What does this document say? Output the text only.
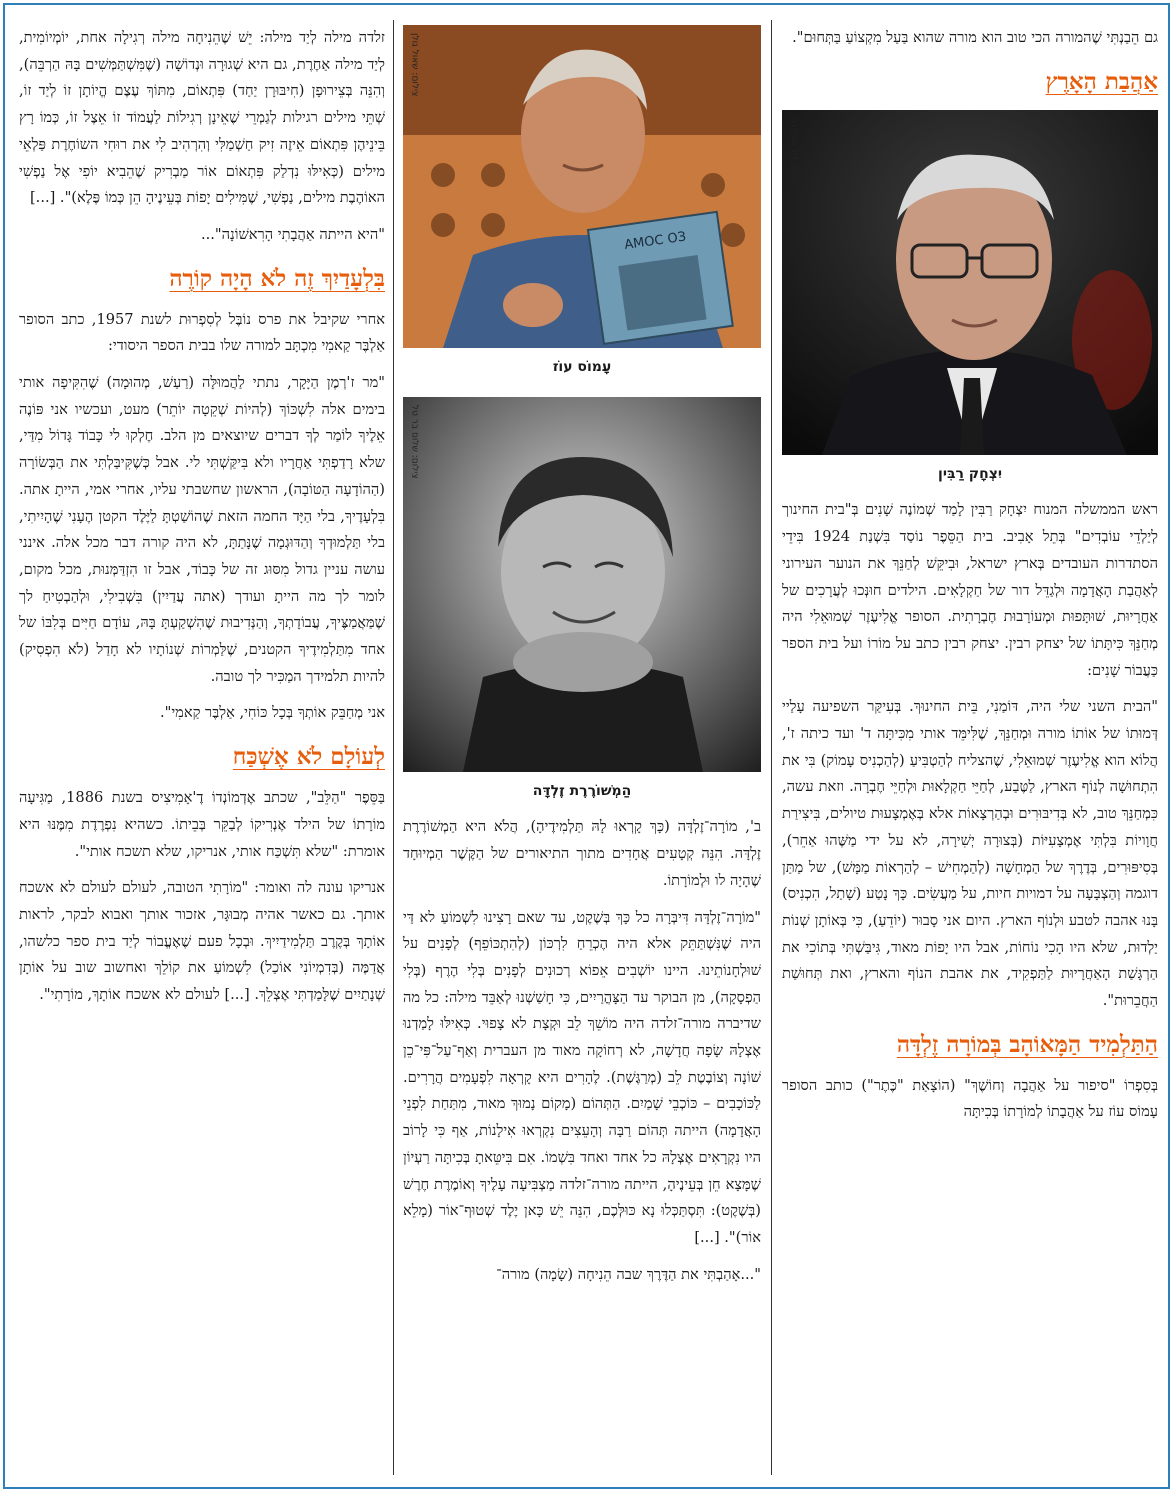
גם הֵבַנְתִּי שֶׁהמורה הכי טוב הוא מורה שהוא בַּעַל מִקְצוֹעַ בַּתְּחוּם".

אַהֲבַת הָאָרֶץ
צילום: דוד רובינגר
יִצְחָק רַבִּין

ראש הממשלה המנוח יִצְחָק רַבִּין לָמַד שְׁמוֹנֶה שָׁנִים בְּ"בית החינוך לְיַלְדֵי עוֹבְדִים" בְּתֵל אָבִיב. בית הַסֵּפֶר נוֹסַד בִּשְׁנַת 1924 בִּידֵי הסתדרות העובדים בְּארץ ישראל, וּבִיקֵּשׁ לְחַנֵּךְ את הנוער העירוני לְאַהֲבַת הָאֲדָמָה וּלְגַדֵּל דור של חַקְלָאִים. הילדים חוּנְּכוּ לְעֲרָכִים של אַחֲרָיוּת, שׁוּתָּפוּת וּמְעוֹרָבוּת חֶבְרָתִית. הסופר אֱלִיעֶזֶר שְׁמוּאֵלִי היה מְחַנֵּךְ כִּיתָּתוֹ של יצחק רבין. יצחק רבין כתב על מוֹרוֹ ועל בית הספר כַּעֲבוֹר שָׁנִים:

"הבית השני שלי היה, דּוֹמַנִי, בֵּית החינוּךְ. בְּעִיקַּר השפיעה עָלַיי דְּמוּתוֹ של אוֹתוֹ מורה וּמְחַנֵּךְ, שֶׁלִּימֵּד אותי מִכִּיתָּה ד' ועד כיתה ז', הֲלוֹא הוא אֱלִיעֶזֶר שְׁמוּאֵלִי, שֶׁהצליח לְהַטְבִּיעַ (לְהַכְנִיס עָמוֹק) בִּי את הִתְחוּשָׁה לְנוֹף הארץ, לַטֶּבַע, לְחַיֵּי חַקְלָאוּת וּלְחַיֵּי חֶבְרָה. וזאת עשה, כִּמְחַנֵּךְ טוב, לא בְּדִיבּוּרִים וּבְהַרְצָאוֹת אלא בְּאֶמְצָעוּת טיולים, בִּיצִירַת חֲוָויוֹת בִּלְתִּי אֶמְצָעִיּוֹת (בְּצוּרָה יְשִׁירָה, לא על ידי מַשֶּׁהוּ אַחֵר), בְּסִיפּוּרִים, בְּדֶרֶךְ של הַמְחָשָׁה (לְהַמְחִישׁ – לְהַרְאוֹת מַמָּשׁ), של מַתַּן דוגמה וְהַצְבָּעָה על דמויות חיות, על מַעֲשִׂים. כָּךְ נָטַע (שָׁתַל, הִכְנִיס) בָּנוּ אהבה לטבע וּלְנוֹף הארץ. היום אני סָבוּר (יוֹדֵעַ), כִּי בְּאוֹתָן שְׁנוֹת יַלְדוּת, שלא היו הָכִי נוֹחוֹת, אבל היו יָפוֹת מאוד, גִּיבַּשְׁתִּי בְּתוֹכִי את הַרְגָּשַׁת הָאַחֲרָיוּת לַתַּפְקִיד, את אהבת הנוֹף והארץ, ואת תְּחוּשַׁת הַחֲבֵרוּת".

הַתַּלְמִיד הַמָּאוֹהָב בְּמוֹרָה זֶלְדָּה

בְּסִפְרוֹ "סיפור על אַהֲבָה וְחוֹשֶׁךְ" (הוֹצָאַת "כֶּתֶר") כותב הסופר עָמוֹס עוֹז על אַהֲבָתוֹ לְמוֹרָתוֹ בְּכִיתָּה

АМОС ОЗ
צילום: שאול גולן
עָמוֹס עוֹז
צילום: שלום בר טל
הַמְשׁוֹרֶרֶת זֶלְדָּה

ב', מוֹרָה־זֶלְדָּה (כָּךְ קָרְאוּ לָהּ תַּלְמִידֶיהָ), הֲלֹא היא הַמְשׁוֹרֶרֶת זֶלְדָּה. הִנֵּה קְטָעִים אֲחָדִים מתוך התיאורים של הַקֶּשֶׁר הַמְיוּחָד שֶׁהָיָה לו וּלְמוֹרָתוֹ.

"מוֹרָה־זֶלְדָּה דִּיבְּרָה כל כָּךְ בְּשֶׁקֶט, עד שאם רָצִינוּ לִשְׁמוֹעַ לא דַּי היה שֶׁנִּשְׁתַּתֵּק אלא היה הֶכְרֵחַ לִרְכּוֹן (לְהִתְכּוֹפֵף) לְפָנִים על שׁוּלְחָנוֹתֵינוּ. היינו יוֹשְׁבִים אֵפוֹא רְכוּנִים לְפָנִים בְּלִי הֶרֶף (בְּלִי הַפְסָקָה), מן הבוקר עד הַצָּהֳרַיִים, כִּי חָשַׁשְׁנוּ לְאַבֵּד מילה: כל מה שדיברה מורה־זלדה היה מוֹשֵׁךְ לֵב וּקְצָת לא צָפוּי. כְּאִילּוּ לָמַדְנוּ אֶצְלָהּ שָׂפָה חֲדָשָׁה, לא רְחוֹקָה מאוד מן העברית וְאַף־עַל־פִּי־כֵן שׁוֹנָה וְצוֹבֶטֶת לֵב (מְרַגֶּשֶׁת). לֶהָרִים היא קָרְאָה לִפְעָמִים הֲרָרִים. לַכּוֹכָבִים – כּוֹכְבֵי שָׁמַיִם. הַתְּהוֹם (מָקוֹם נָמוּךְ מאוד, מִתַּחַת לִפְנֵי הָאֲדָמָה) הייתה תְּהוֹם רַבָּה וְהָעֵצִים נִקְרְאוּ אִילָנוֹת, אַף כִּי לָרוֹב היו נִקְרָאִים אֶצְלָהּ כל אחד ואחד בִּשְׁמוֹ. אִם בִּיטֵּאתָ בְּכִיתָּה רַעְיוֹן שֶׁמָּצָא חֵן בְּעֵינֶיהָ, הייתה מורה־זלדה מַצְבִּיעָה עָלֶיךָ וְאוֹמֶרֶת חֶרֶשׁ (בְּשֶׁקֶט): תִּסְתַּכְּלוּ נָא כּוּלְּכֶם, הִנֵּה יֵשׁ כָּאן יֶלֶד שְׁטוּף־אוֹר (מָלֵא אוֹר)". [...]

"...אָהַבְתִּי את הַדֶּרֶךְ שבה הֵנִיחָה (שָׂמָה) מורה־

זלדה מילה לְיַד מילה: יֵשׁ שֶׁהֵנִיחָה מילה רְגִילָה אחת, יוֹמְיוֹמִית, לְיַד מילה אַחֶרֶת, גם היא שְׁגוּרָה וּנְדוֹשָׁה (שֶׁמִּשְׁתַּמְּשִׁים בָּהּ הַרְבֵּה), וְהִנֵּה בְּצֵירוּפָן (חִיבּוּרָן יַחַד) פִּתְאוֹם, מִתּוֹךְ עֶצֶם הֱיוֹתָן זוֹ לְיַד זוֹ, שְׁתֵּי מילים רגילות לְגַמְרֵי שֶׁאֵינָן רְגִילוֹת לַעֲמוֹד זוֹ אֵצֶל זוֹ, כְּמוֹ רָץ בֵּינֵיהֶן פִּתְאוֹם אֵיזֶה זִיק חַשְׁמַלִּי וְהִרְהִיב לִי את רוּחִי השוֹחֶרֶת פַּלְאֵי מילים (כְּאִילּוּ נִדְלַק פִּתְאוֹם אוֹר מַבְרִיק שֶׁהֵבִיא יוֹפִי אֶל נַפְשִׁי האוֹהֶבֶת מילים, נַפְשִׁי, שֶׁמִּילִים יָפוֹת בְּעֵינֶיהָ הֵן כְּמוֹ פֶּלֶא)". [...]

"היא הייתה אַהֲבָתִי הָרִאשׁוֹנָה"...

בִּלְעָדַיִךְ זֶה לֹא הָיָה קוֹרֶה

אחרי שקיבל את פרס נוֹבֶּל לְסִפְרוּת לשנת 1957, כתב הסופר אַלְבֶּר קַאמִי מִכְתָּב למורה שלו בבית הספר היסודי:

"מר ז'רְמֶן הַיָּקָר, נתתי לַהֲמוּלָּה (רַעַשׁ, מְהוּמָה) שֶׁהִקִּיפָה אותי בימים אלה לִשְׁכּוֹךְ (לְהיוֹת שְׁקֵטָה יוֹתֵר) מעט, ועכשיו אני פּוֹנֶה אֵלֶיךָ לוֹמַר לְךָ דברים שיוצאים מן הלב. חֶלְקוּ לי כָּבוֹד גָּדוֹל מִדַּי, שלא רָדַפְתִּי אַחֲרָיו ולא בִּיקַּשְׁתִּי לי. אבל כְּשֶׁקִּיבַּלְתִּי את הַבְּשׂוֹרָה (הַהוֹדָעָה הַטּוֹבָה), הראשון שחשבתי עליו, אחרי אמי, הייתָ אתה. בִּלְעָדֶיךָ, בלי הַיָּד החמה הזאת שֶׁהוֹשַׁטְתָּ לַיֶּלֶד הקטן הֶעָנִי שֶׁהָיִיתִי, בלי תַּלְמוּדְךָ וְהַדּוּגְמָה שֶׁנָּתַתָּ, לא היה קורה דבר מכל אלה. אינני עושה עניין גדול מִסּוּג זה של כָּבוֹד, אבל זו הִזְדַּמְּנוּת, מכל מקום, לומר לך מה הייתָ ועודך (אתה עֲדַיִין) בִּשְׁבִילִי, וּלְהַבְטִיחַ לך שֶׁמַּאֲמַצֶּיךָ, עֲבוֹדָתְךָ, וְהַנְּדִיבוּת שֶׁהִשְׁקַעְתָּ בָּהּ, עוֹדָם חַיִּים בְּלִבּוֹ של אחד מִתַּלְמִידֶיךָ הקטנים, שֶׁלַּמְרוֹת שְׁנוֹתָיו לא חָדַל (לֹא הִפְסִיק) להיות תלמידך המַכִּיר לך טובה.

אני מְחַבֵּק אוֹתְךָ בְּכָל כּוֹחִי, אַלְבֶּר קַאמִי".

לְעוֹלָם לֹא אֶשְׁכַּח

בַּסֵּפֶר "הַלֵּב", שכתב אֶדְמוֹנְדוֹ דֶ'אָמִיצִיס בשנת 1886, מַגִּיעָה מוֹרָתוֹ של הילד אֶנְרִיקוֹ לְבַקֵּר בְּבֵיתוֹ. כשהיא נִפְרֶדֶת מִמֶּנּוּ היא אומרת: "שלא תִּשְׁכַּח אותי, אנריקו, שלא תשכח אותי".

אנריקו עונה לה ואומר: "מוֹרָתִי הטובה, לעולם לעולם לא אשכח אותך. גם כאשר אהיה מְבוּגָּר, אזכור אותך ואבוא לבקר, לראות אוֹתָךְ בְּקֶרֶב תַּלְמִידַיִיךְ. וּבְכָל פעם שֶׁאֶעֱבוֹר לְיַד בית ספר כלשהו, אֲדַמֶּה (בְּדִמְיוֹנִי אוֹכַל) לִשְׁמוֹעַ את קוֹלֵךְ ואחשוב שוב על אוֹתָן שְׁנָתַיִים שֶׁלָּמַדְתִּי אֶצְלֵךְ. [...] לעולם לא אשכח אוֹתָךְ, מוֹרָתִי".
